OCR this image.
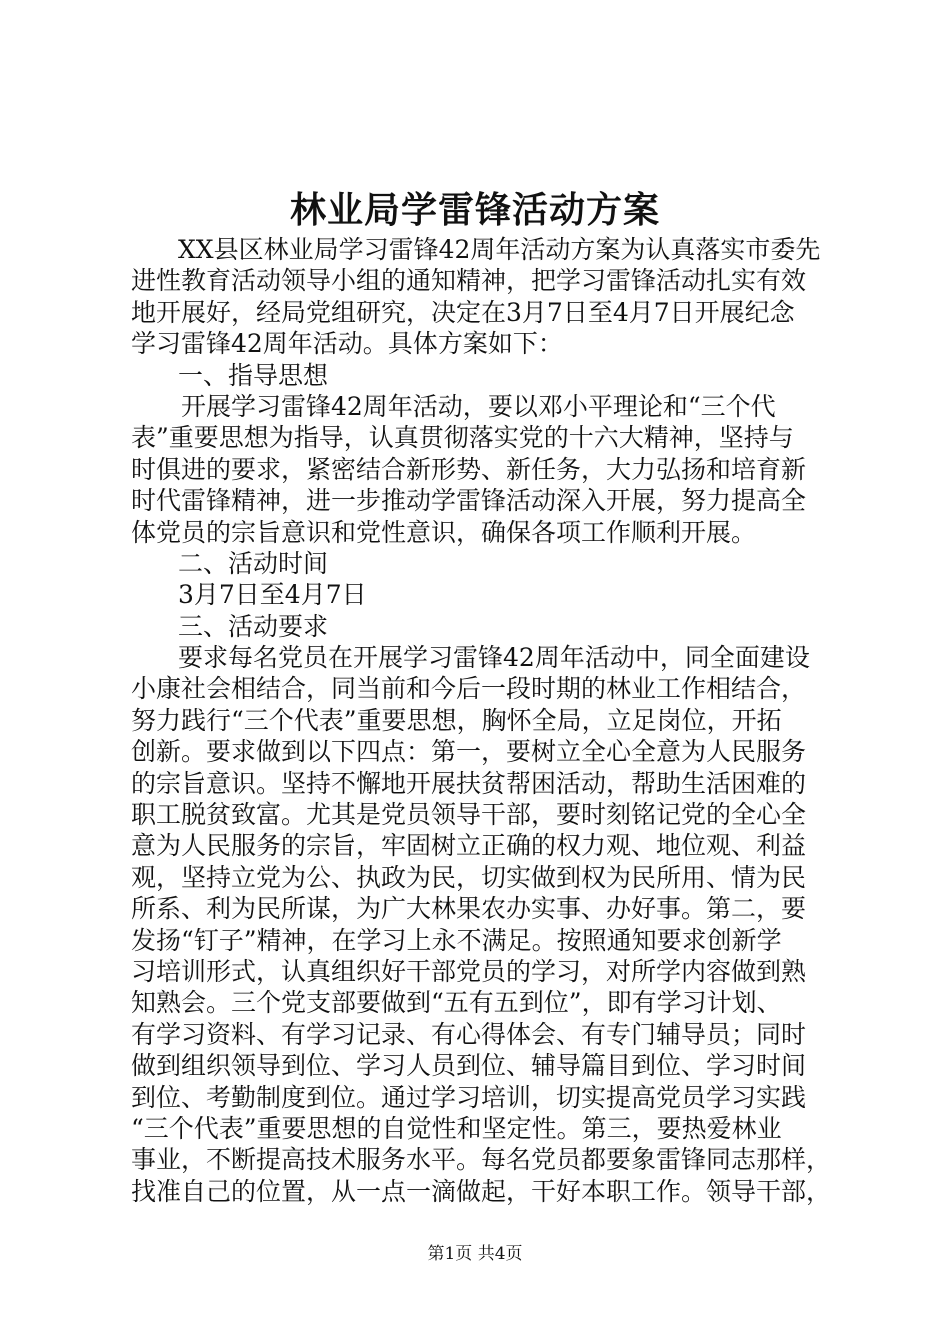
林业局学雷锋活动方案
XX县区林业局学习雷锋42周年活动方案为认真落实市委先
进性教育活动领导小组的通知精神，把学习雷锋活动扎实有效
地开展好，经局党组研究，决定在3月7日至4月7日开展纪念
学习雷锋42周年活动。具体方案如下：
一、指导思想
开展学习雷锋42周年活动，要以邓小平理论和“三个代
表”重要思想为指导，认真贯彻落实党的十六大精神，坚持与
时俱进的要求，紧密结合新形势、新任务，大力弘扬和培育新
时代雷锋精神，进一步推动学雷锋活动深入开展，努力提高全
体党员的宗旨意识和党性意识，确保各项工作顺利开展。
二、活动时间
3月7日至4月7日
三、活动要求
要求每名党员在开展学习雷锋42周年活动中，同全面建设
小康社会相结合，同当前和今后一段时期的林业工作相结合，
努力践行“三个代表”重要思想，胸怀全局，立足岗位，开拓
创新。要求做到以下四点：第一，要树立全心全意为人民服务
的宗旨意识。坚持不懈地开展扶贫帮困活动，帮助生活困难的
职工脱贫致富。尤其是党员领导干部，要时刻铭记党的全心全
意为人民服务的宗旨，牢固树立正确的权力观、地位观、利益
观，坚持立党为公、执政为民，切实做到权为民所用、情为民
所系、利为民所谋，为广大林果农办实事、办好事。第二，要
发扬“钉子”精神，在学习上永不满足。按照通知要求创新学
习培训形式，认真组织好干部党员的学习，对所学内容做到熟
知熟会。三个党支部要做到“五有五到位”，即有学习计划、
有学习资料、有学习记录、有心得体会、有专门辅导员；同时
做到组织领导到位、学习人员到位、辅导篇目到位、学习时间
到位、考勤制度到位。通过学习培训，切实提高党员学习实践
“三个代表”重要思想的自觉性和坚定性。第三，要热爱林业
事业，不断提高技术服务水平。每名党员都要象雷锋同志那样，
找准自己的位置，从一点一滴做起，干好本职工作。领导干部，
第1页 共4页
